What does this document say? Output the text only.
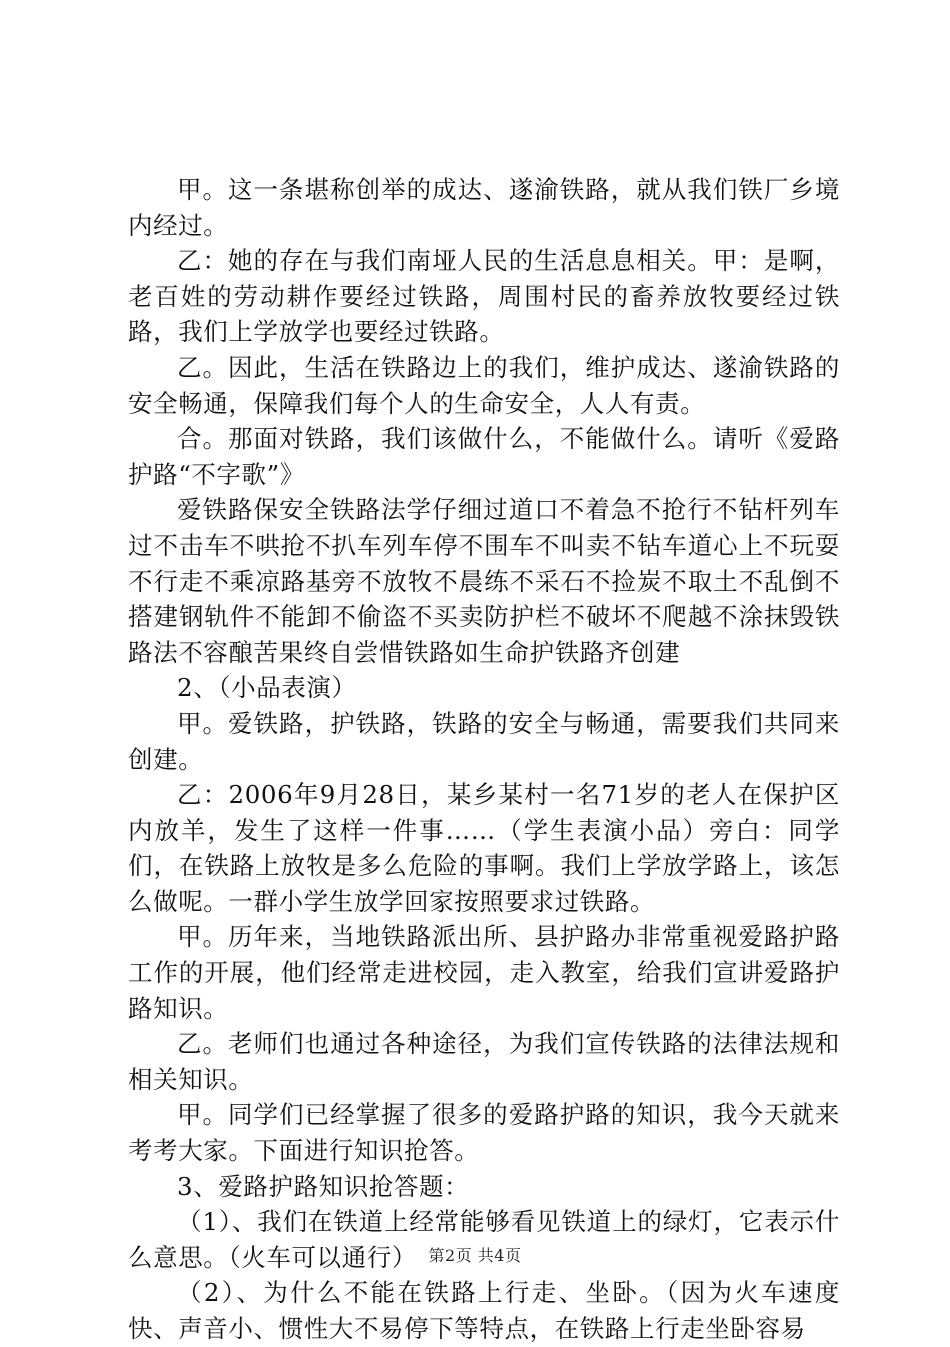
甲。这一条堪称创举的成达、遂渝铁路，就从我们铁厂乡境内经过。

乙：她的存在与我们南垭人民的生活息息相关。甲：是啊，老百姓的劳动耕作要经过铁路，周围村民的畜养放牧要经过铁路，我们上学放学也要经过铁路。

乙。因此，生活在铁路边上的我们，维护成达、遂渝铁路的安全畅通，保障我们每个人的生命安全，人人有责。

合。那面对铁路，我们该做什么，不能做什么。请听《爱路护路“不字歌”》

爱铁路保安全铁路法学仔细过道口不着急不抢行不钻杆列车过不击车不哄抢不扒车列车停不围车不叫卖不钻车道心上不玩耍不行走不乘凉路基旁不放牧不晨练不采石不捡炭不取土不乱倒不搭建钢轨件不能卸不偷盗不买卖防护栏不破坏不爬越不涂抹毁铁路法不容酿苦果终自尝惜铁路如生命护铁路齐创建

2、（小品表演）

甲。爱铁路，护铁路，铁路的安全与畅通，需要我们共同来创建。

乙：2006年9月28日，某乡某村一名71岁的老人在保护区内放羊，发生了这样一件事……（学生表演小品）旁白：同学们，在铁路上放牧是多么危险的事啊。我们上学放学路上，该怎么做呢。一群小学生放学回家按照要求过铁路。

甲。历年来，当地铁路派出所、县护路办非常重视爱路护路工作的开展，他们经常走进校园，走入教室，给我们宣讲爱路护路知识。

乙。老师们也通过各种途径，为我们宣传铁路的法律法规和相关知识。

甲。同学们已经掌握了很多的爱路护路的知识，我今天就来考考大家。下面进行知识抢答。

3、爱路护路知识抢答题：

（1）、我们在铁道上经常能够看见铁道上的绿灯，它表示什么意思。（火车可以通行）

（2）、为什么不能在铁路上行走、坐卧。（因为火车速度快、声音小、惯性大不易停下等特点，在铁路上行走坐卧容易

第2页 共4页
